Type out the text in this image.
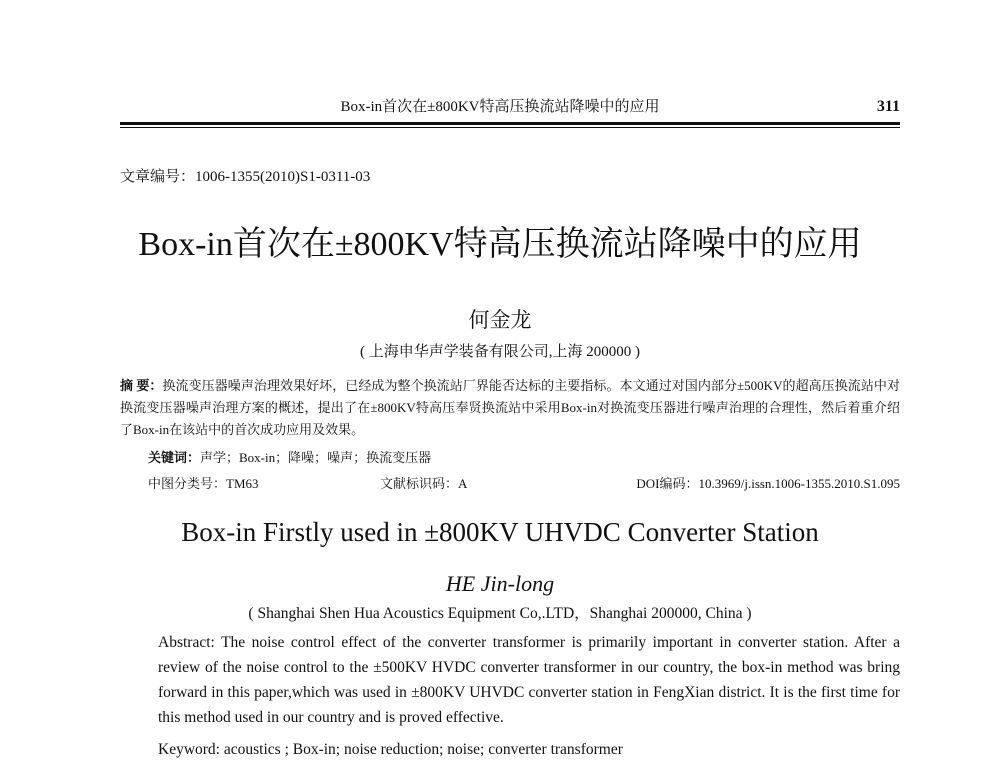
Box-in首次在±800KV特高压换流站降噪中的应用	311
文章编号：1006-1355(2010)S1-0311-03
Box-in首次在±800KV特高压换流站降噪中的应用
何金龙
( 上海申华声学装备有限公司,上海 200000 )
摘 要：换流变压器噪声治理效果好坏，已经成为整个换流站厂界能否达标的主要指标。本文通过对国内部分±500KV的超高压换流站中对换流变压器噪声治理方案的概述，提出了在±800KV特高压奉贤换流站中采用Box-in对换流变压器进行噪声治理的合理性，然后着重介绍了Box-in在该站中的首次成功应用及效果。
关键词：声学；Box-in；降噪；噪声；换流变压器
中图分类号：TM63	文献标识码：A	DOI编码：10.3969/j.issn.1006-1355.2010.S1.095
Box-in Firstly used in ±800KV UHVDC Converter Station
HE Jin-long
( Shanghai Shen Hua Acoustics Equipment Co,.LTD，Shanghai 200000, China )
Abstract: The noise control effect of the converter transformer is primarily important in converter station. After a review of the noise control to the ±500KV HVDC converter transformer in our country, the box-in method was bring forward in this paper,which was used in ±800KV UHVDC converter station in FengXian district. It is the first time for this method used in our country and is proved effective.
Keyword: acoustics ; Box-in; noise reduction; noise; converter transformer
